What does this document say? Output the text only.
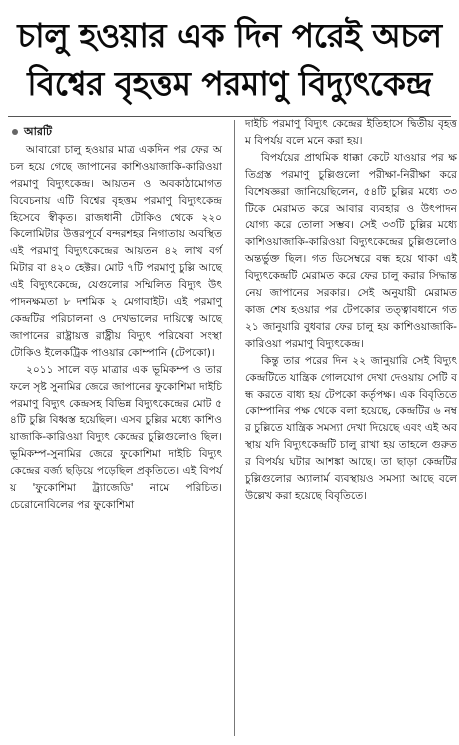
চালু হওয়ার এক দিন পরেই অচল
বিশ্বের বৃহত্তম পরমাণু বিদ্যুৎকেন্দ্র
আরটি

আবারো চালু হওয়ার মাত্র একদিন পর ফের অচল হয়ে গেছে জাপানের কাশিওয়াজাকি-কারিওয়া পরমাণু বিদ্যুৎকেন্দ্র। আয়তন ও অবকাঠামোগত বিবেচনায় এটি বিশ্বের বৃহত্তম পরমাণু বিদ্যুৎকেন্দ্র হিসেবে স্বীকৃত। রাজধানী টোকিও থেকে ২২০ কিলোমিটার উত্তরপূর্বে বন্দরশহর নিগাতায় অবস্থিত এই পরমাণু বিদ্যুৎকেন্দ্রের আয়তন ৪২ লাখ বর্গমিটার বা ৪২০ হেক্টর। মোট ৭টি পরমাণু চুল্লি আছে এই বিদ্যুৎকেন্দ্রে, যেগুলোর সম্মিলিত বিদ্যুৎ উৎপাদনক্ষমতা ৮ দশমিক ২ মেগাবাইট। এই পরমাণু কেন্দ্রটির পরিচালনা ও দেখভালের দায়িত্বে আছে জাপানের রাষ্ট্রায়ত্ত রাষ্ট্রীয় বিদ্যুৎ পরিষেবা সংস্থা টোকিও ইলেকট্রিক পাওয়ার কোম্পানি (টেপকো)।

২০১১ সালে বড় মাত্রার এক ভূমিকম্প ও তার ফলে সৃষ্ট সুনামির জেরে জাপানের ফুকোশিমা দাইচি পরমাণু বিদ্যুৎ কেন্দ্রসহ বিভিন্ন বিদ্যুৎকেন্দ্রের মোট ৫৪টি চুল্লি বিধ্বস্ত হয়েছিল। এসব চুল্লির মধ্যে কাশিওয়াজাকি-কারিওয়া বিদ্যুৎ কেন্দ্রের চুল্লিগুলোও ছিল। ভূমিকম্প-সুনামির জেরে ফুকোশিমা দাইচি বিদ্যুৎকেন্দ্রের বর্জ্য ছড়িয়ে পড়েছিল প্রকৃতিতে। এই বিপর্যয় 'ফুকোশিমা ট্র্যাজেডি' নামে পরিচিত। চেরোনোবিলের পর ফুকোশিমা

দাইচি পরমাণু বিদ্যুৎ কেন্দ্রের ইতিহাসে দ্বিতীয় বৃহত্তম বিপর্যয় বলে মনে করা হয়।

বিপর্যয়ের প্রাথমিক ধাক্কা কেটে যাওয়ার পর ক্ষতিগ্রস্ত পরমাণু চুল্লিগুলো পরীক্ষা-নিরীক্ষা করে বিশেষজ্ঞরা জানিয়েছিলেন, ৫৪টি চুল্লির মধ্যে ৩৩টিকে মেরামত করে আবার ব্যবহার ও উৎপাদনযোগ্য করে তোলা সম্ভব। সেই ৩৩টি চুল্লির মধ্যে কাশিওয়াজাকি-কারিওয়া বিদ্যুৎকেন্দ্রের চুল্লিগুলোও অন্তর্ভুক্ত ছিল। গত ডিসেম্বরে বন্ধ হয়ে থাকা এই বিদ্যুৎকেন্দ্রটি মেরামত করে ফের চালু করার সিদ্ধান্ত নেয় জাপানের সরকার। সেই অনুযায়ী মেরামত কাজ শেষ হওয়ার পর টেপকোর তত্ত্বাবধানে গত ২১ জানুয়ারি বুধবার ফের চালু হয় কাশিওয়াজাকি-কারিওয়া পরমাণু বিদ্যুৎকেন্দ্র।

কিন্তু তার পরের দিন ২২ জানুয়ারি সেই বিদ্যুৎকেন্দ্রটিতে যান্ত্রিক গোলযোগ দেখা দেওয়ায় সেটি বন্ধ করতে বাধ্য হয় টেপকো কর্তৃপক্ষ। এক বিবৃতিতে কোম্পানির পক্ষ থেকে বলা হয়েছে, কেন্দ্রটির ৬ নম্বর চুল্লিতে যান্ত্রিক সমস্যা দেখা দিয়েছে এবং এই অবস্থায় যদি বিদ্যুৎকেন্দ্রটি চালু রাখা হয় তাহলে গুরুতর বিপর্যয় ঘটার আশঙ্কা আছে। তা ছাড়া কেন্দ্রটির চুল্লিগুলোর অ্যালার্ম ব্যবস্থায়ও সমস্যা আছে বলে উল্লেখ করা হয়েছে বিবৃতিতে।
